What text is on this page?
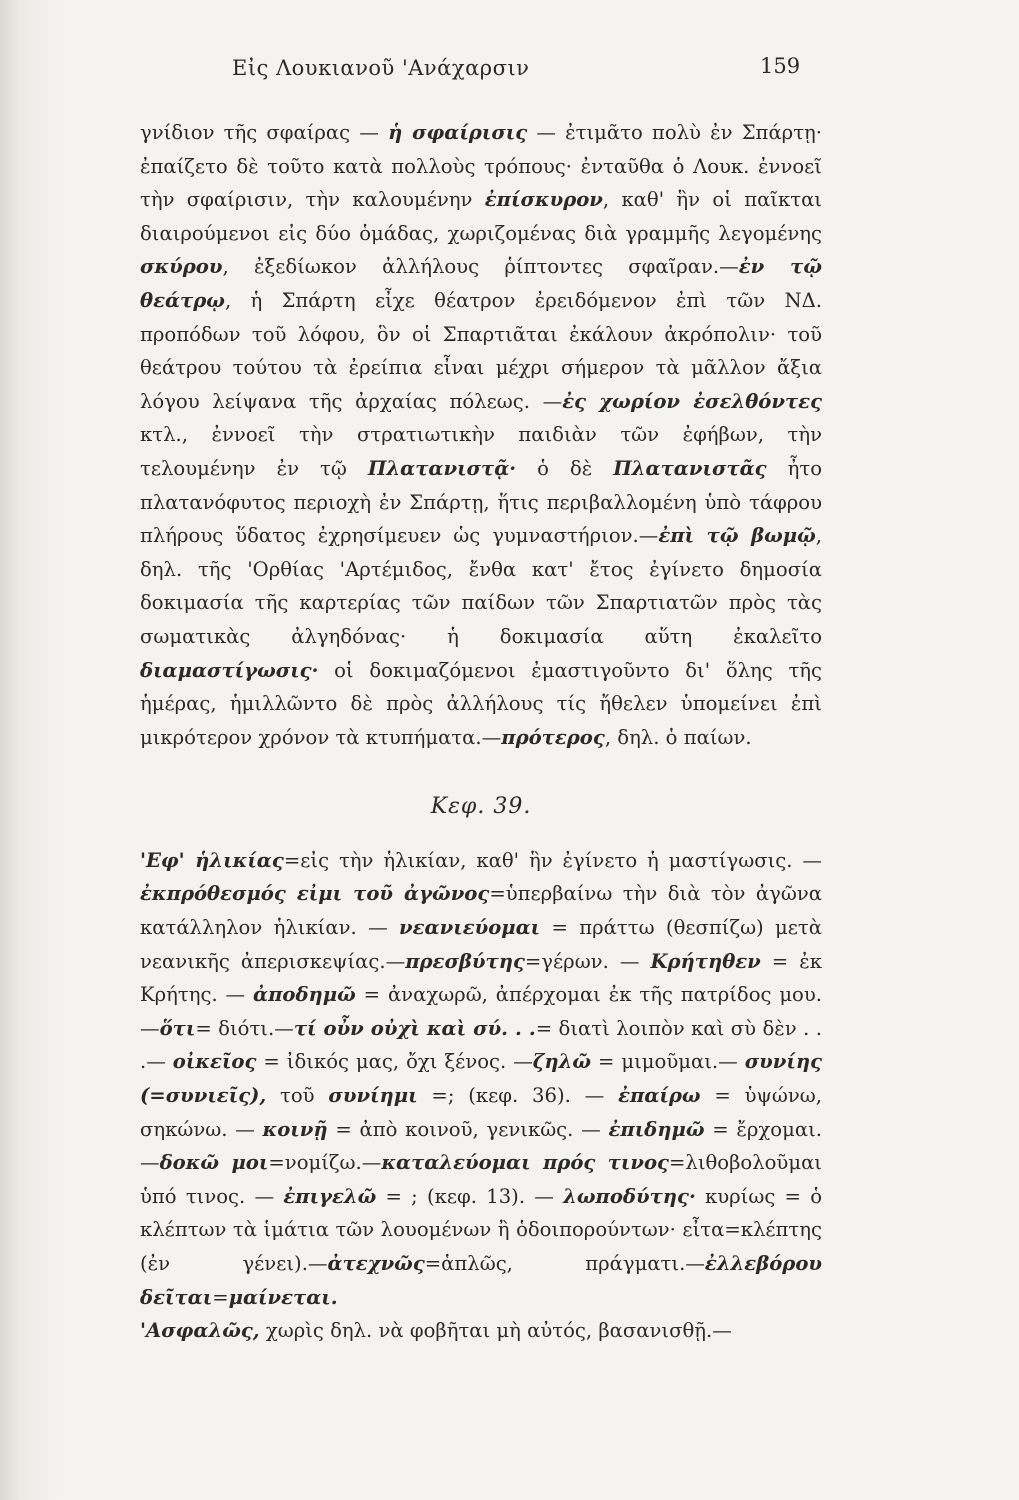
Εἰς Λουκιανοῦ 'Ανάχαρσιν	159

γνίδιον τῆς σφαίρας — ἡ σφαίρισις — ἐτιμᾶτο πολὺ ἐν Σπάρτῃ· ἐπαίζετο δὲ τοῦτο κατὰ πολλοὺς τρόπους· ἐνταῦθα ὁ Λουκ. ἐννοεῖ τὴν σφαίρισιν, τὴν καλουμένην ἐπίσκυρον, καθ' ἣν οἱ παῖκται διαιρούμενοι εἰς δύο ὁμάδας, χωριζομένας διὰ γραμμῆς λεγομένης σκύρου, ἐξεδίωκον ἀλλήλους ῥίπτοντες σφαῖραν.—ἐν τῷ θεάτρῳ, ἡ Σπάρτη εἶχε θέατρον ἐρειδόμενον ἐπὶ τῶν ΝΔ. προπόδων τοῦ λόφου, ὃν οἱ Σπαρτιᾶται ἐκάλουν ἀκρόπολιν· τοῦ θεάτρου τούτου τὰ ἐρείπια εἶναι μέχρι σήμερον τὰ μᾶλλον ἄξια λόγου λείψανα τῆς ἀρχαίας πόλεως. —ἐς χωρίον ἐσελθόντες κτλ., ἐννοεῖ τὴν στρατιωτικὴν παιδιὰν τῶν ἐφήβων, τὴν τελουμένην ἐν τῷ Πλατανιστᾷ· ὁ δὲ Πλατανιστᾶς ἦτο πλατανόφυτος περιοχὴ ἐν Σπάρτῃ, ἥτις περιβαλλομένη ὑπὸ τάφρου πλήρους ὕδατος ἐχρησίμευεν ὡς γυμναστήριον.—ἐπὶ τῷ βωμῷ, δηλ. τῆς 'Ορθίας 'Αρτέμιδος, ἔνθα κατ' ἔτος ἐγίνετο δημοσία δοκιμασία τῆς καρτερίας τῶν παίδων τῶν Σπαρτιατῶν πρὸς τὰς σωματικὰς ἀλγηδόνας· ἡ δοκιμασία αὕτη ἐκαλεῖτο διαμαστίγωσις· οἱ δοκιμαζόμενοι ἐμαστιγοῦντο δι' ὅλης τῆς ἡμέρας, ἡμιλλῶντο δὲ πρὸς ἀλλήλους τίς ἤθελεν ὑπομείνει ἐπὶ μικρότερον χρόνον τὰ κτυπήματα.—πρότερος, δηλ. ὁ παίων.

Κεφ. 39.

'Εφ' ἡλικίας=εἰς τὴν ἡλικίαν, καθ' ἣν ἐγίνετο ἡ μαστίγωσις. — ἐκπρόθεσμός εἰμι τοῦ ἀγῶνος=ὑπερβαίνω τὴν διὰ τὸν ἀγῶνα κατάλληλον ἡλικίαν. — νεανιεύομαι = πράττω (θεσπίζω) μετὰ νεανικῆς ἀπερισκεψίας.—πρεσβύτης=γέρων. — Κρήτηθεν = ἐκ Κρήτης. — ἀποδημῶ = ἀναχωρῶ, ἀπέρχομαι ἐκ τῆς πατρίδος μου.—ὅτι= διότι.—τί οὖν οὐχὶ καὶ σύ. . .= διατὶ λοιπὸν καὶ σὺ δὲν . . .— οἰκεῖος = ἰδικός μας, ὄχι ξένος. —ζηλῶ = μιμοῦμαι.— συνίης (=συνιεῖς), τοῦ συνίημι =; (κεφ. 36). — ἐπαίρω = ὑψώνω, σηκώνω. — κοινῇ = ἀπὸ κοινοῦ, γενικῶς. — ἐπιδημῶ = ἔρχομαι.—δοκῶ μοι=νομίζω.—καταλεύομαι πρός τινος=λιθοβολοῦμαι ὑπό τινος. — ἐπιγελῶ = ; (κεφ. 13). — λωποδύτης· κυρίως = ὁ κλέπτων τὰ ἱμάτια τῶν λουομένων ἢ ὁδοιπορούντων· εἶτα=κλέπτης (ἐν γένει).—ἀτεχνῶς=ἁπλῶς, πράγματι.—ἐλλεβόρου δεῖται=μαίνεται.

'Ασφαλῶς, χωρὶς δηλ. νὰ φοβῆται μὴ αὐτός, βασανισθῇ.—
